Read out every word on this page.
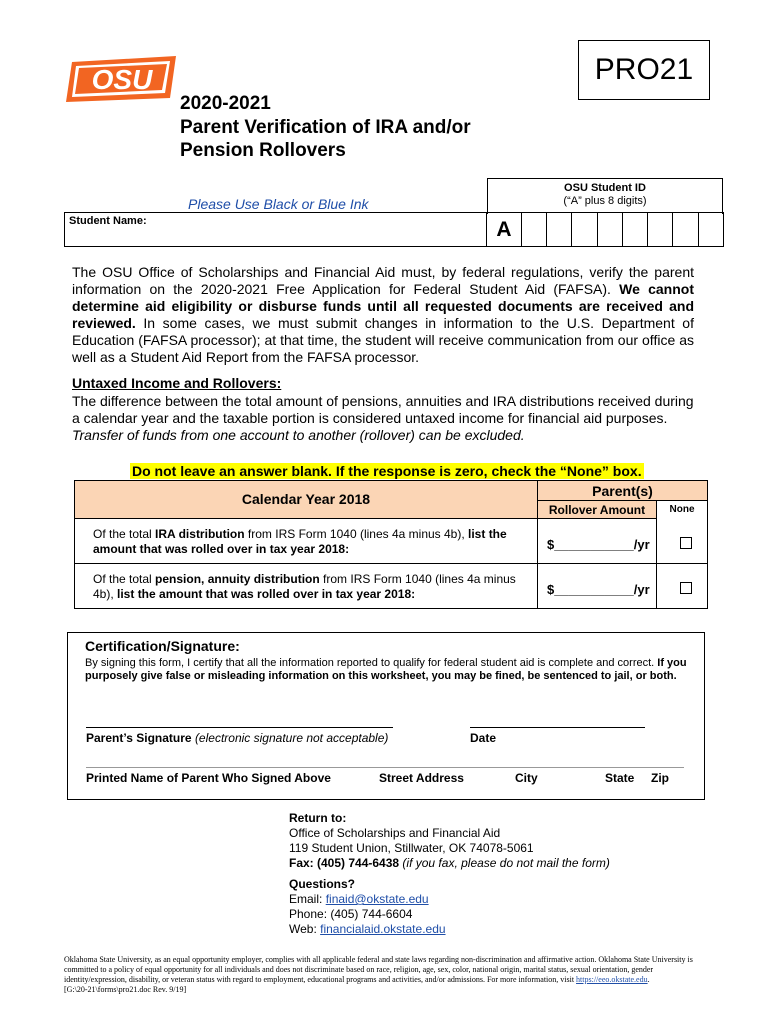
OSU	PRO21
2020-2021
Parent Verification of IRA and/or
Pension Rollovers
OSU Student ID
(“A” plus 8 digits)
Please Use Black or Blue Ink
Student Name:	A
The OSU Office of Scholarships and Financial Aid must, by federal regulations, verify the parent information on the 2020-2021 Free Application for Federal Student Aid (FAFSA). We cannot determine aid eligibility or disburse funds until all requested documents are received and reviewed. In some cases, we must submit changes in information to the U.S. Department of Education (FAFSA processor); at that time, the student will receive communication from our office as well as a Student Aid Report from the FAFSA processor.
Untaxed Income and Rollovers:
The difference between the total amount of pensions, annuities and IRA distributions received during a calendar year and the taxable portion is considered untaxed income for financial aid purposes. Transfer of funds from one account to another (rollover) can be excluded.
Do not leave an answer blank. If the response is zero, check the “None” box.
Calendar Year 2018	Parent(s)
Rollover Amount	None
Of the total IRA distribution from IRS Form 1040 (lines 4a minus 4b), list the amount that was rolled over in tax year 2018:	$___________/yr
Of the total pension, annuity distribution from IRS Form 1040 (lines 4a minus 4b), list the amount that was rolled over in tax year 2018:	$___________/yr
Certification/Signature:
By signing this form, I certify that all the information reported to qualify for federal student aid is complete and correct. If you purposely give false or misleading information on this worksheet, you may be fined, be sentenced to jail, or both.
Parent’s Signature (electronic signature not acceptable)	Date
Printed Name of Parent Who Signed Above	Street Address	City	State Zip
Return to:
Office of Scholarships and Financial Aid
119 Student Union, Stillwater, OK 74078-5061
Fax: (405) 744-6438 (if you fax, please do not mail the form)
Questions?
Email: finaid@okstate.edu
Phone: (405) 744-6604
Web: financialaid.okstate.edu
Oklahoma State University, as an equal opportunity employer, complies with all applicable federal and state laws regarding non-discrimination and affirmative action. Oklahoma State University is committed to a policy of equal opportunity for all individuals and does not discriminate based on race, religion, age, sex, color, national origin, marital status, sexual orientation, gender identity/expression, disability, or veteran status with regard to employment, educational programs and activities, and/or admissions. For more information, visit https://eeo.okstate.edu.
[G:\20-21\forms\pro21.doc Rev. 9/19]
